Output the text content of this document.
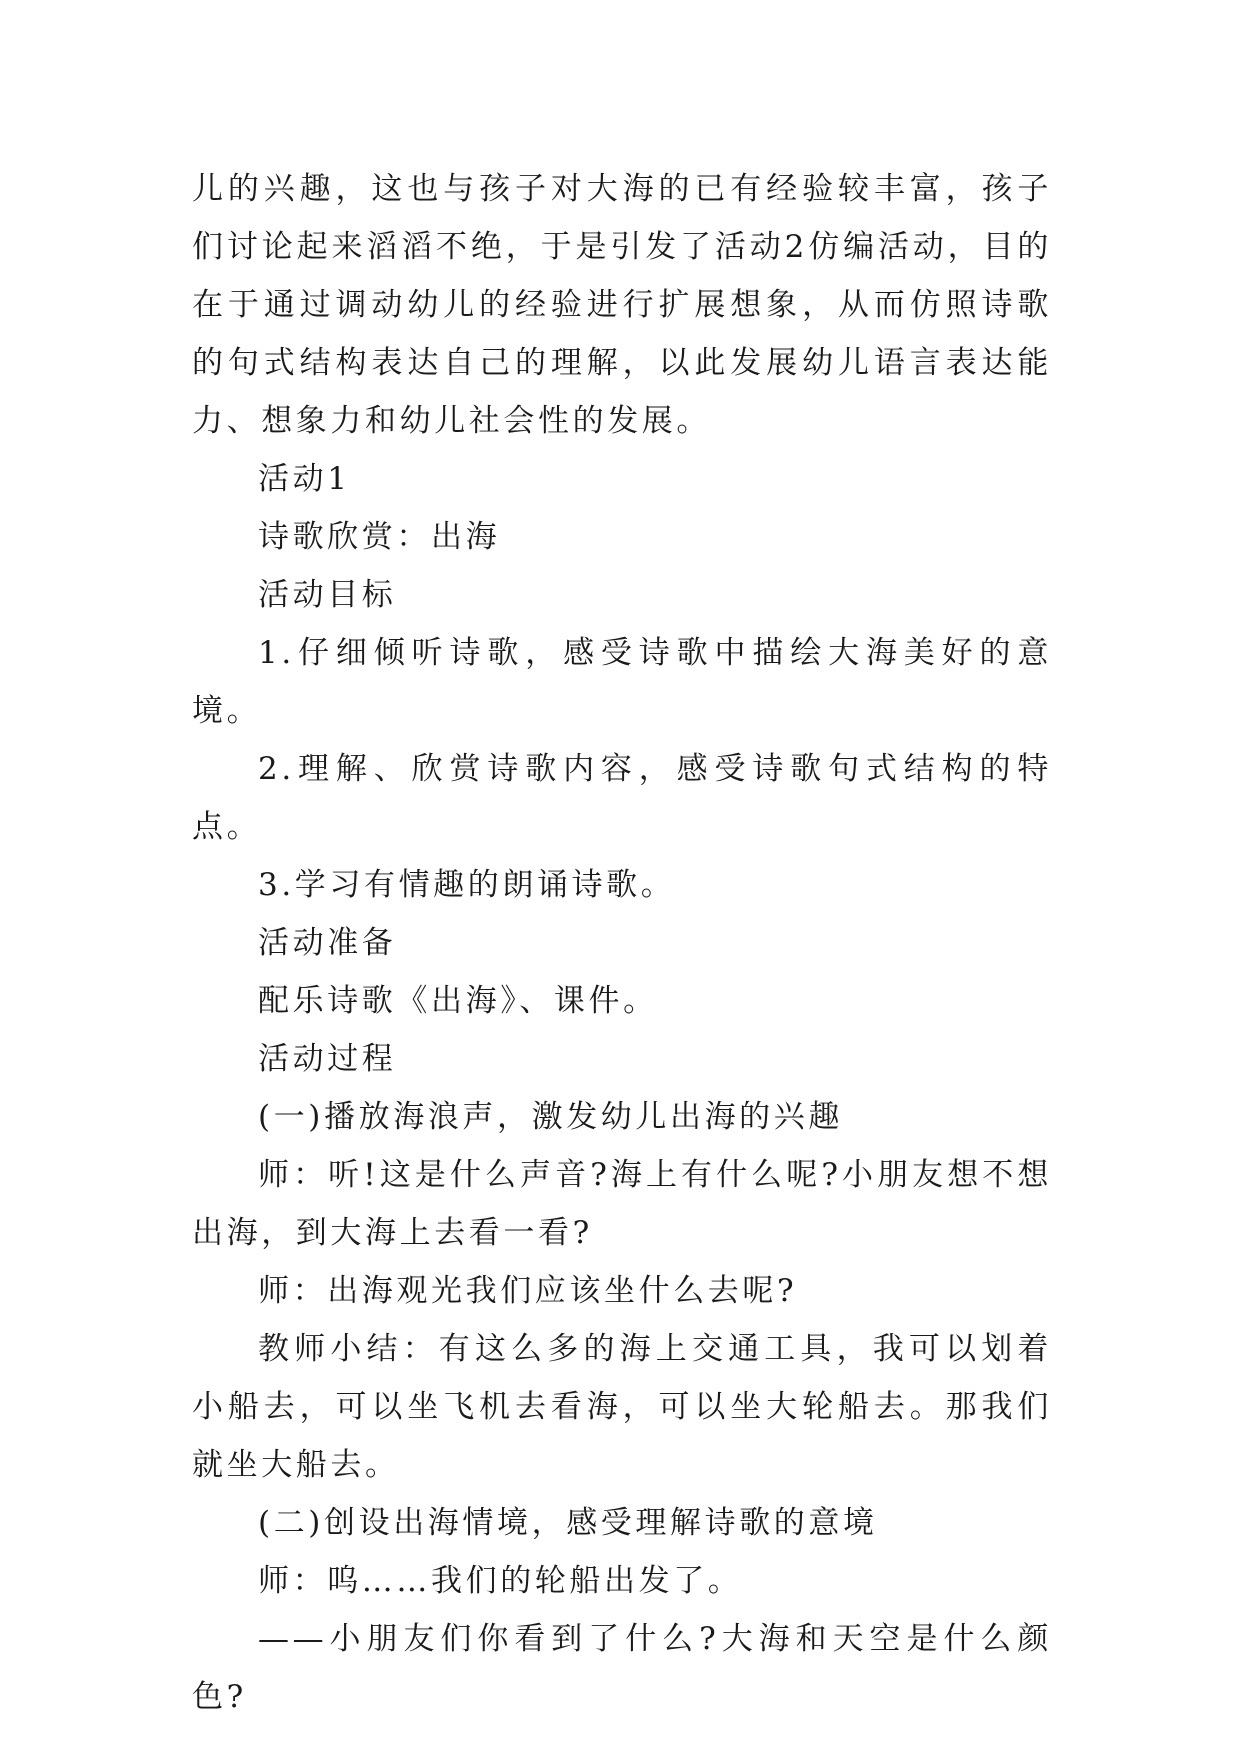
儿的兴趣，这也与孩子对大海的已有经验较丰富，孩子们讨论起来滔滔不绝，于是引发了活动2仿编活动，目的在于通过调动幼儿的经验进行扩展想象，从而仿照诗歌的句式结构表达自己的理解，以此发展幼儿语言表达能力、想象力和幼儿社会性的发展。

活动1

诗歌欣赏：出海

活动目标

1.仔细倾听诗歌，感受诗歌中描绘大海美好的意境。

2.理解、欣赏诗歌内容，感受诗歌句式结构的特点。

3.学习有情趣的朗诵诗歌。

活动准备

配乐诗歌《出海》、课件。

活动过程

(一)播放海浪声，激发幼儿出海的兴趣

师：听!这是什么声音?海上有什么呢?小朋友想不想出海，到大海上去看一看?

师：出海观光我们应该坐什么去呢?

教师小结：有这么多的海上交通工具，我可以划着小船去，可以坐飞机去看海，可以坐大轮船去。那我们就坐大船去。

(二)创设出海情境，感受理解诗歌的意境

师：呜……我们的轮船出发了。

——小朋友们你看到了什么?大海和天空是什么颜色?
